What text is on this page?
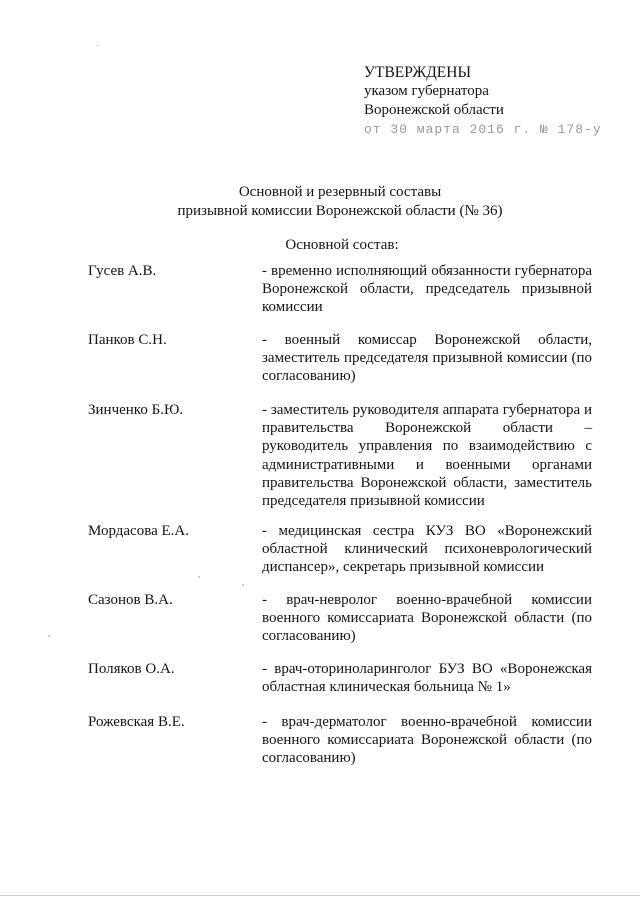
УТВЕРЖДЕНЫ
указом губернатора
Воронежской области
от 30 марта 2016 г. № 178-у
Основной и резервный составы
призывной комиссии Воронежской области (№ 36)
Основной состав:
Гусев А.В.	- временно исполняющий обязанности губернатора Воронежской области, председатель призывной комиссии
Панков С.Н.	- военный комиссар Воронежской области, заместитель председателя призывной комиссии (по согласованию)
Зинченко Б.Ю.	- заместитель руководителя аппарата губернатора и правительства Воронежской области – руководитель управления по взаимодействию с административными и военными органами правительства Воронежской области, заместитель председателя призывной комиссии
Мордасова Е.А.	- медицинская сестра КУЗ ВО «Воронежский областной клинический психоневрологический диспансер», секретарь призывной комиссии
Сазонов В.А.	- врач-невролог военно-врачебной комиссии военного комиссариата Воронежской области (по согласованию)
Поляков О.А.	- врач-оториноларинголог БУЗ ВО «Воронежская областная клиническая больница № 1»
Рожевская В.Е.	- врач-дерматолог военно-врачебной комиссии военного комиссариата Воронежской области (по согласованию)
